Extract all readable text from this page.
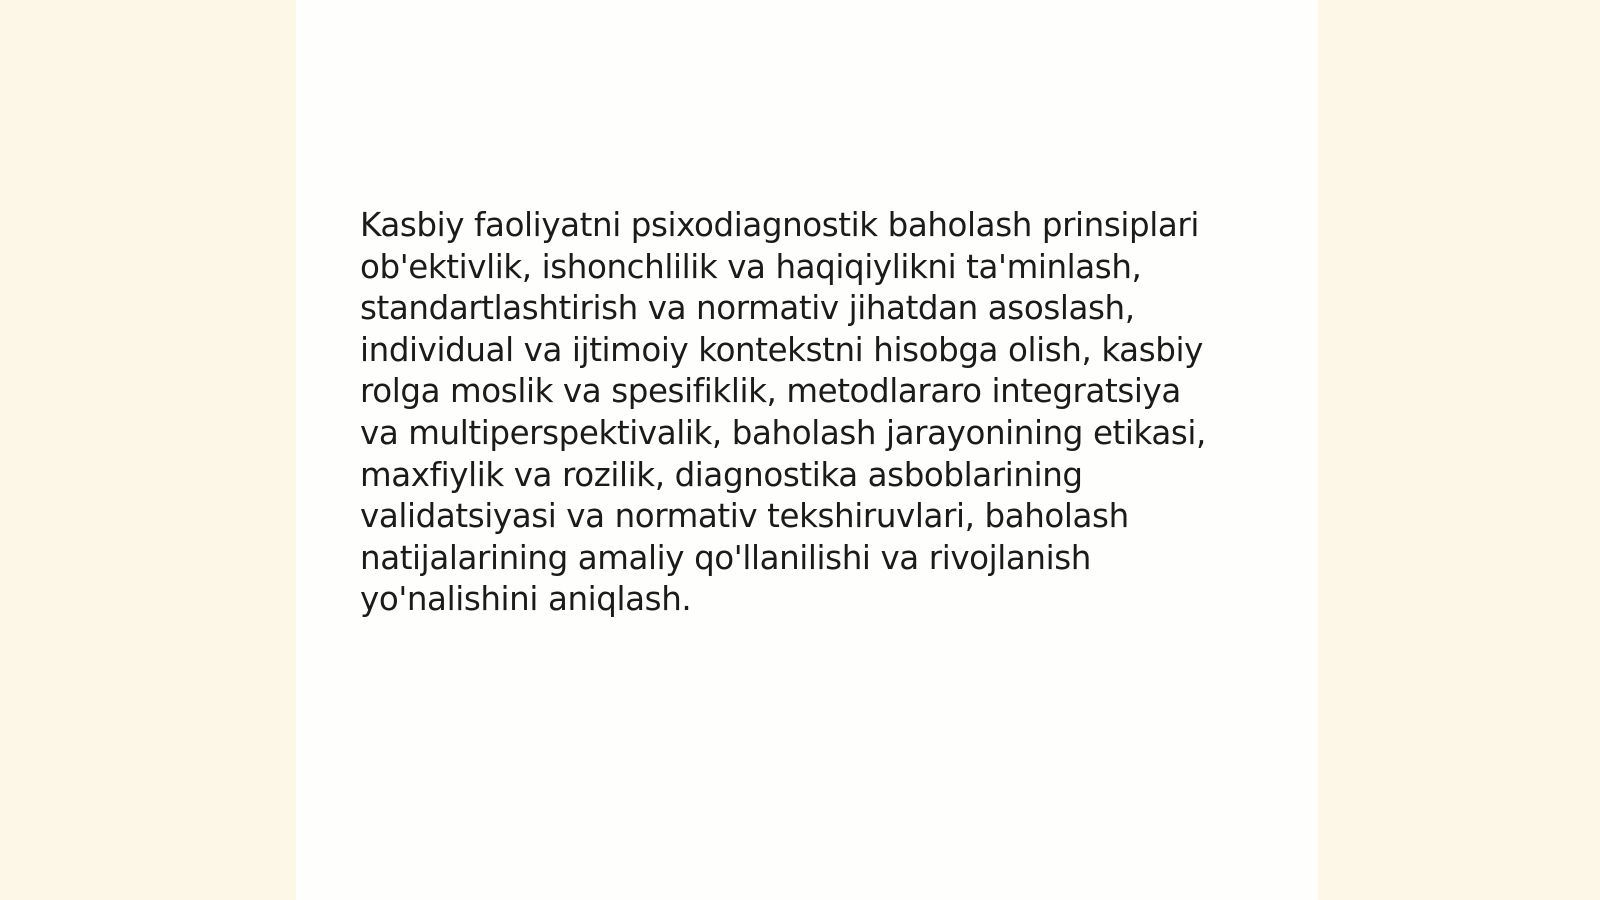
Kasbiy faoliyatni psixodiagnostik baholash prinsiplari
ob'ektivlik, ishonchlilik va haqiqiylikni ta'minlash,
standartlashtirish va normativ jihatdan asoslash,
individual va ijtimoiy kontekstni hisobga olish, kasbiy
rolga moslik va spesifiklik, metodlararo integratsiya
va multiperspektivalik, baholash jarayonining etikasi,
maxfiylik va rozilik, diagnostika asboblarining
validatsiyasi va normativ tekshiruvlari, baholash
natijalarining amaliy qo'llanilishi va rivojlanish
yo'nalishini aniqlash.
